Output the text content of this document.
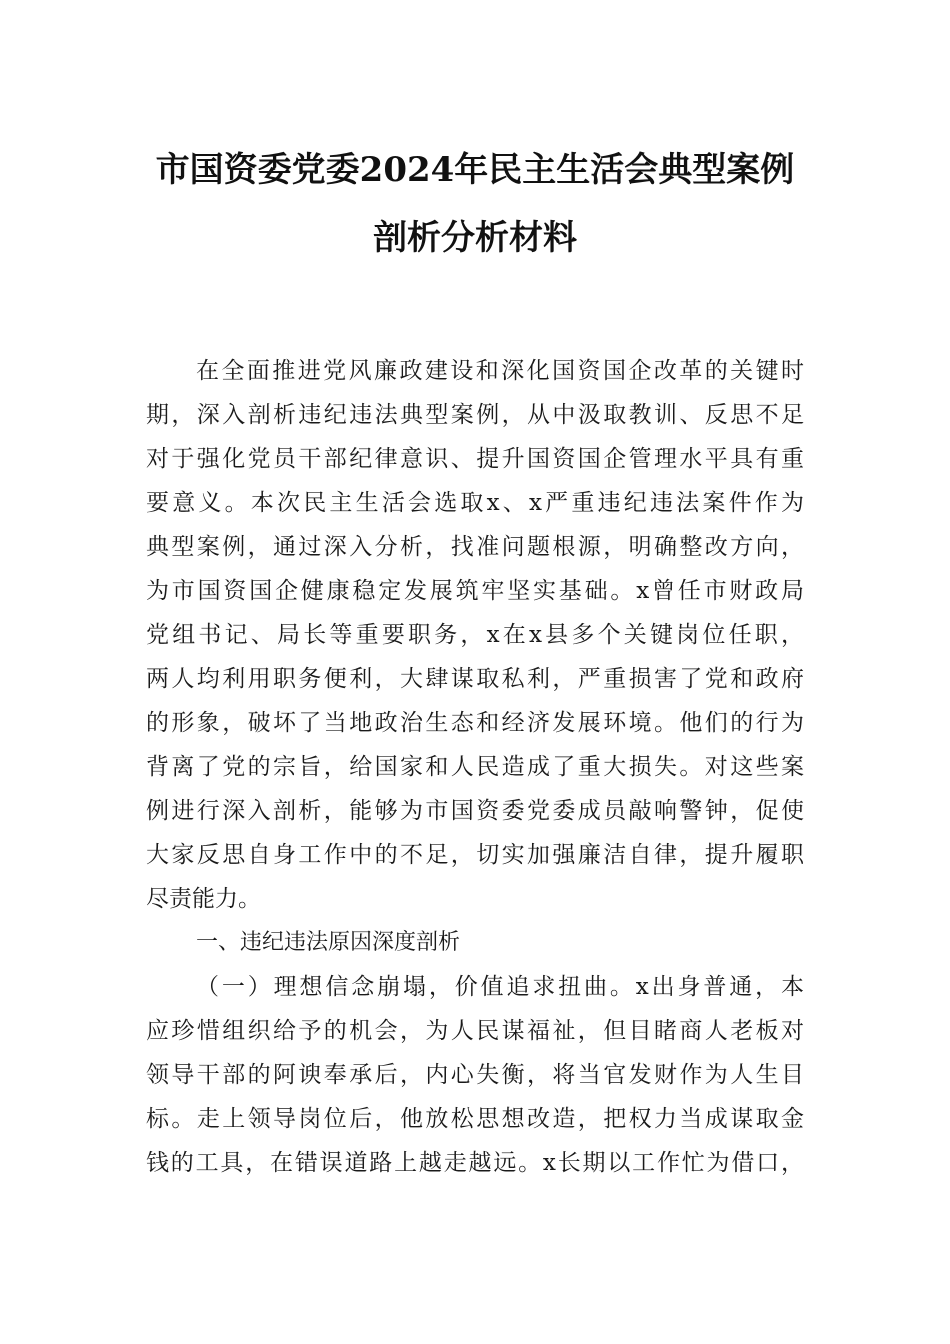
市国资委党委2024年民主生活会典型案例
剖析分析材料
在全面推进党风廉政建设和深化国资国企改革的关键时
期，深入剖析违纪违法典型案例，从中汲取教训、反思不足
对于强化党员干部纪律意识、提升国资国企管理水平具有重
要意义。本次民主生活会选取x、x严重违纪违法案件作为
典型案例，通过深入分析，找准问题根源，明确整改方向，
为市国资国企健康稳定发展筑牢坚实基础。x曾任市财政局
党组书记、局长等重要职务，x在x县多个关键岗位任职，
两人均利用职务便利，大肆谋取私利，严重损害了党和政府
的形象，破坏了当地政治生态和经济发展环境。他们的行为
背离了党的宗旨，给国家和人民造成了重大损失。对这些案
例进行深入剖析，能够为市国资委党委成员敲响警钟，促使
大家反思自身工作中的不足，切实加强廉洁自律，提升履职
尽责能力。
一、违纪违法原因深度剖析
（一）理想信念崩塌，价值追求扭曲。x出身普通，本
应珍惜组织给予的机会，为人民谋福祉，但目睹商人老板对
领导干部的阿谀奉承后，内心失衡，将当官发财作为人生目
标。走上领导岗位后，他放松思想改造，把权力当成谋取金
钱的工具，在错误道路上越走越远。x长期以工作忙为借口，
